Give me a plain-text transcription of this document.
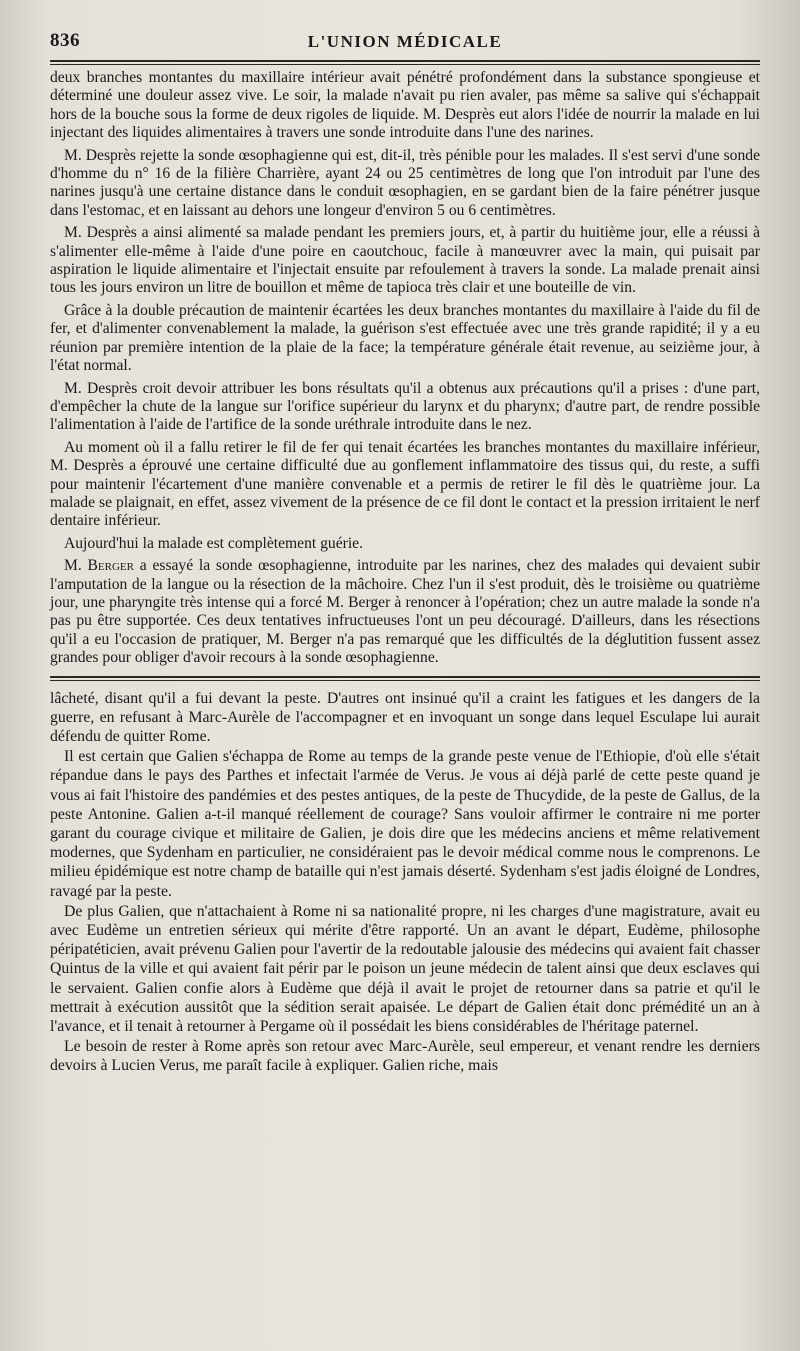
836	L'UNION MÉDICALE

deux branches montantes du maxillaire intérieur avait pénétré profondément dans la substance spongieuse et déterminé une douleur assez vive. Le soir, la malade n'avait pu rien avaler, pas même sa salive qui s'échappait hors de la bouche sous la forme de deux rigoles de liquide. M. Desprès eut alors l'idée de nourrir la malade en lui injectant des liquides alimentaires à travers une sonde introduite dans l'une des narines.

M. Desprès rejette la sonde œsophagienne qui est, dit-il, très pénible pour les malades. Il s'est servi d'une sonde d'homme du n° 16 de la filière Charrière, ayant 24 ou 25 centimètres de long que l'on introduit par l'une des narines jusqu'à une certaine distance dans le conduit œsophagien, en se gardant bien de la faire pénétrer jusque dans l'estomac, et en laissant au dehors une longeur d'environ 5 ou 6 centimètres.

M. Desprès a ainsi alimenté sa malade pendant les premiers jours, et, à partir du huitième jour, elle a réussi à s'alimenter elle-même à l'aide d'une poire en caoutchouc, facile à manœuvrer avec la main, qui puisait par aspiration le liquide alimentaire et l'injectait ensuite par refoulement à travers la sonde. La malade prenait ainsi tous les jours environ un litre de bouillon et même de tapioca très clair et une bouteille de vin.

Grâce à la double précaution de maintenir écartées les deux branches montantes du maxillaire à l'aide du fil de fer, et d'alimenter convenablement la malade, la guérison s'est effectuée avec une très grande rapidité; il y a eu réunion par première intention de la plaie de la face; la température générale était revenue, au seizième jour, à l'état normal.

M. Desprès croit devoir attribuer les bons résultats qu'il a obtenus aux précautions qu'il a prises : d'une part, d'empêcher la chute de la langue sur l'orifice supérieur du larynx et du pharynx; d'autre part, de rendre possible l'alimentation à l'aide de l'artifice de la sonde uréthrale introduite dans le nez.

Au moment où il a fallu retirer le fil de fer qui tenait écartées les branches montantes du maxillaire inférieur, M. Desprès a éprouvé une certaine difficulté due au gonflement inflammatoire des tissus qui, du reste, a suffi pour maintenir l'écartement d'une manière convenable et a permis de retirer le fil dès le quatrième jour. La malade se plaignait, en effet, assez vivement de la présence de ce fil dont le contact et la pression irritaient le nerf dentaire inférieur.

Aujourd'hui la malade est complètement guérie.

M. Berger a essayé la sonde œsophagienne, introduite par les narines, chez des malades qui devaient subir l'amputation de la langue ou la résection de la mâchoire. Chez l'un il s'est produit, dès le troisième ou quatrième jour, une pharyngite très intense qui a forcé M. Berger à renoncer à l'opération; chez un autre malade la sonde n'a pas pu être supportée. Ces deux tentatives infructueuses l'ont un peu découragé. D'ailleurs, dans les résections qu'il a eu l'occasion de pratiquer, M. Berger n'a pas remarqué que les difficultés de la déglutition fussent assez grandes pour obliger d'avoir recours à la sonde œsophagienne.

lâcheté, disant qu'il a fui devant la peste. D'autres ont insinué qu'il a craint les fatigues et les dangers de la guerre, en refusant à Marc-Aurèle de l'accompagner et en invoquant un songe dans lequel Esculape lui aurait défendu de quitter Rome.

Il est certain que Galien s'échappa de Rome au temps de la grande peste venue de l'Ethiopie, d'où elle s'était répandue dans le pays des Parthes et infectait l'armée de Verus. Je vous ai déjà parlé de cette peste quand je vous ai fait l'histoire des pandémies et des pestes antiques, de la peste de Thucydide, de la peste de Gallus, de la peste Antonine. Galien a-t-il manqué réellement de courage? Sans vouloir affirmer le contraire ni me porter garant du courage civique et militaire de Galien, je dois dire que les médecins anciens et même relativement modernes, que Sydenham en particulier, ne considéraient pas le devoir médical comme nous le comprenons. Le milieu épidémique est notre champ de bataille qui n'est jamais déserté. Sydenham s'est jadis éloigné de Londres, ravagé par la peste.

De plus Galien, que n'attachaient à Rome ni sa nationalité propre, ni les charges d'une magistrature, avait eu avec Eudème un entretien sérieux qui mérite d'être rapporté. Un an avant le départ, Eudème, philosophe péripatéticien, avait prévenu Galien pour l'avertir de la redoutable jalousie des médecins qui avaient fait chasser Quintus de la ville et qui avaient fait périr par le poison un jeune médecin de talent ainsi que deux esclaves qui le servaient. Galien confie alors à Eudème que déjà il avait le projet de retourner dans sa patrie et qu'il le mettrait à exécution aussitôt que la sédition serait apaisée. Le départ de Galien était donc prémédité un an à l'avance, et il tenait à retourner à Pergame où il possédait les biens considérables de l'héritage paternel.

Le besoin de rester à Rome après son retour avec Marc-Aurèle, seul empereur, et venant rendre les derniers devoirs à Lucien Verus, me paraît facile à expliquer. Galien riche, mais
